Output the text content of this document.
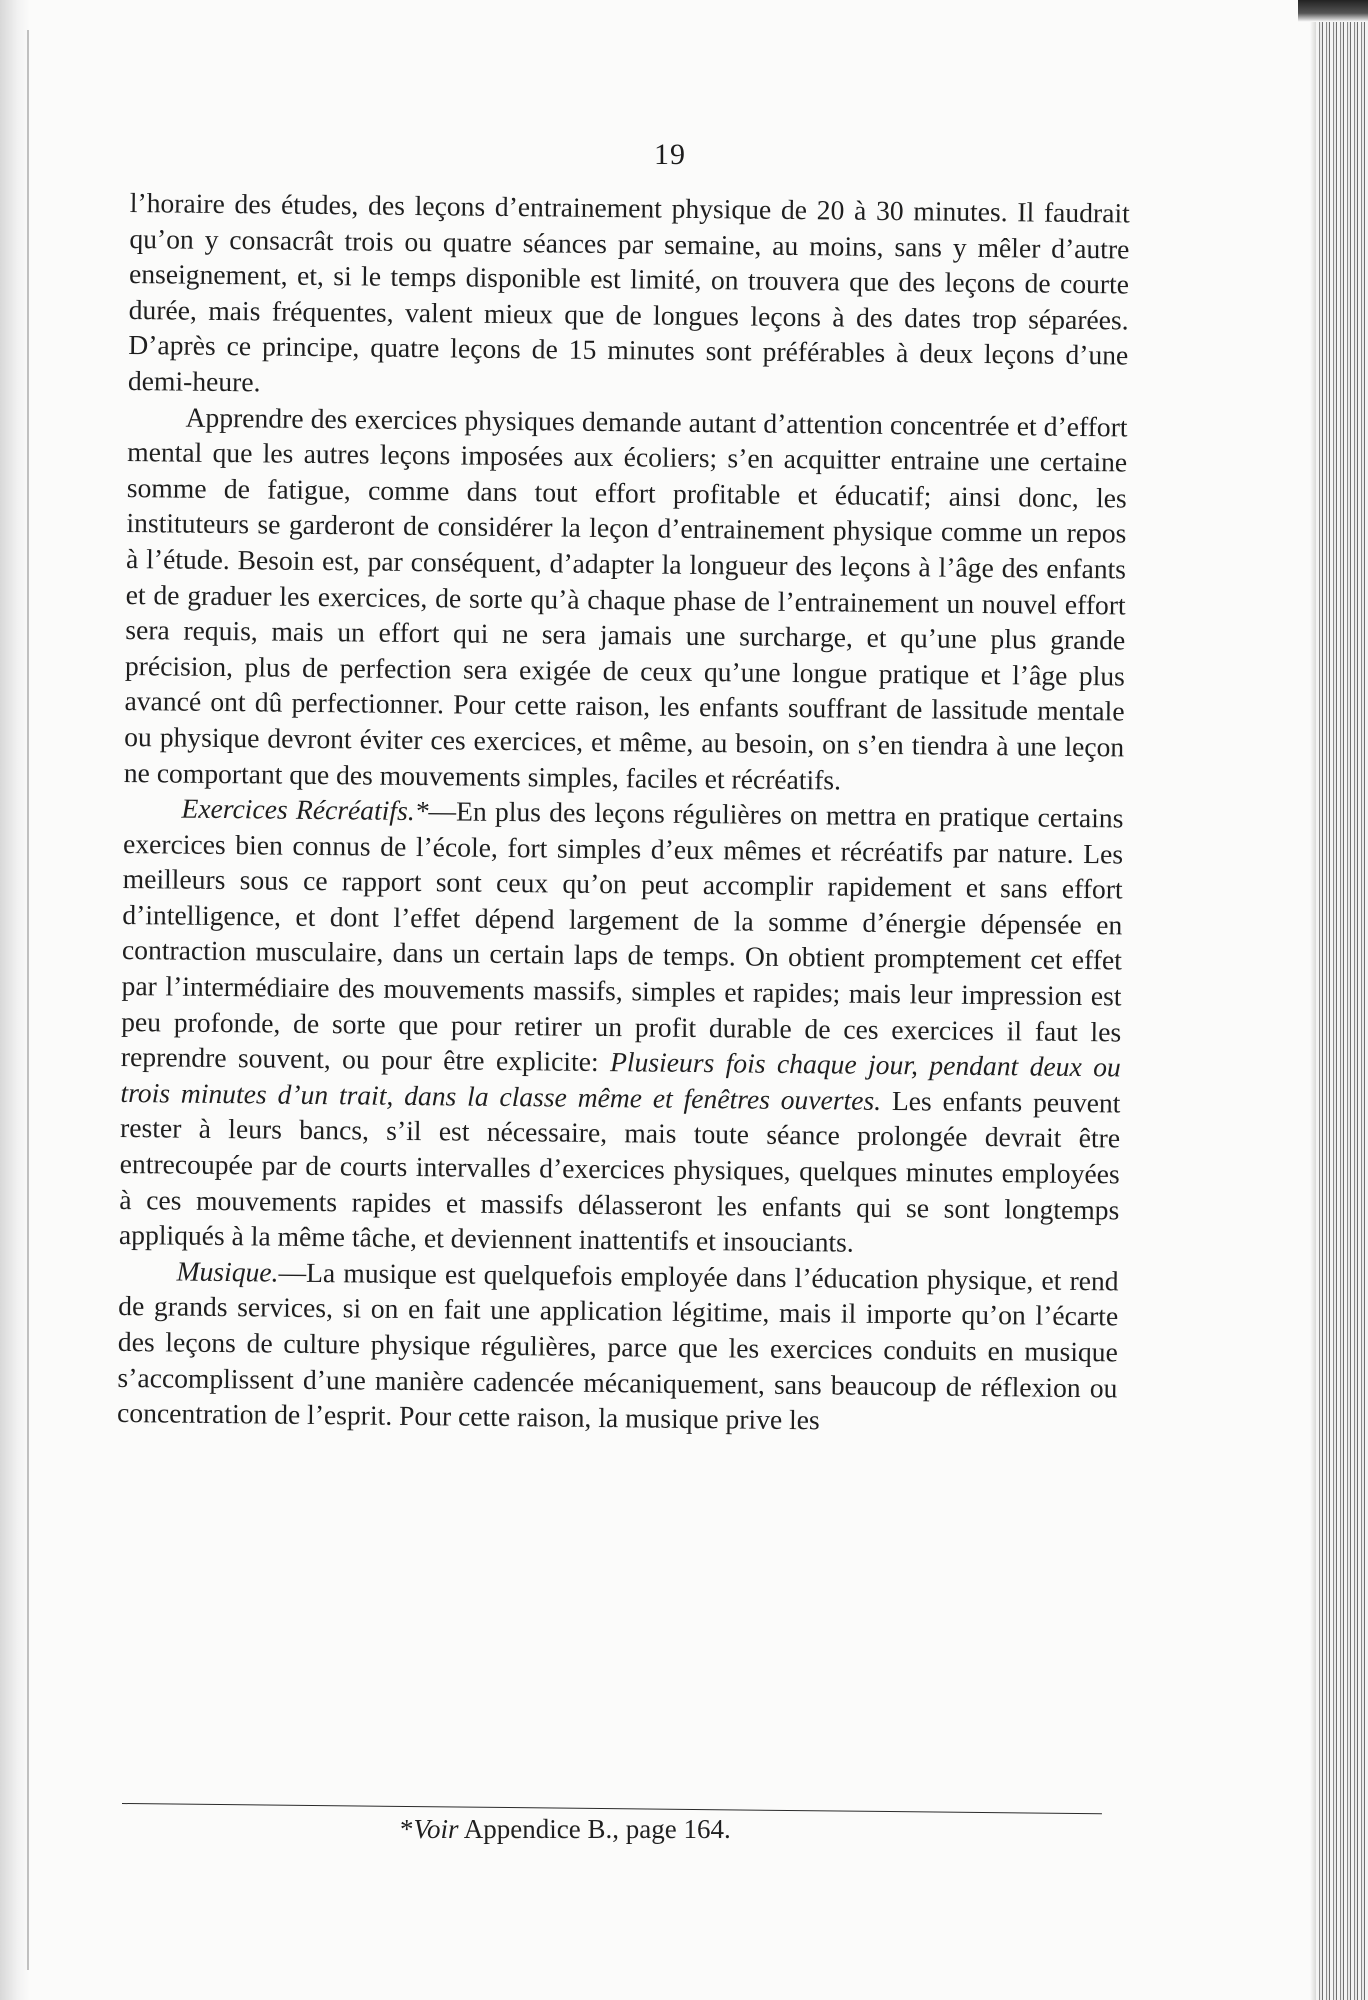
19

l’horaire des études, des leçons d’entrainement physique de 20 à 30 minutes. Il faudrait qu’on y consacrât trois ou quatre séances par semaine, au moins, sans y mêler d’autre enseignement, et, si le temps disponible est limité, on trouvera que des leçons de courte durée, mais fréquentes, valent mieux que de longues leçons à des dates trop séparées. D’après ce principe, quatre leçons de 15 minutes sont préférables à deux leçons d’une demi-heure.

Apprendre des exercices physiques demande autant d’attention concentrée et d’effort mental que les autres leçons imposées aux écoliers; s’en acquitter entraine une certaine somme de fatigue, comme dans tout effort profitable et éducatif; ainsi donc, les instituteurs se garderont de considérer la leçon d’entrainement physique comme un repos à l’étude. Besoin est, par conséquent, d’adapter la longueur des leçons à l’âge des enfants et de graduer les exercices, de sorte qu’à chaque phase de l’entrainement un nouvel effort sera requis, mais un effort qui ne sera jamais une surcharge, et qu’une plus grande précision, plus de perfection sera exigée de ceux qu’une longue pratique et l’âge plus avancé ont dû perfectionner. Pour cette raison, les enfants souffrant de lassitude mentale ou physique devront éviter ces exercices, et même, au besoin, on s’en tiendra à une leçon ne comportant que des mouvements simples, faciles et récréatifs.

Exercices Récréatifs.*—En plus des leçons régulières on mettra en pratique certains exercices bien connus de l’école, fort simples d’eux mêmes et récréatifs par nature. Les meilleurs sous ce rapport sont ceux qu’on peut accomplir rapidement et sans effort d’intelligence, et dont l’effet dépend largement de la somme d’énergie dépensée en contraction musculaire, dans un certain laps de temps. On obtient promptement cet effet par l’intermédiaire des mouvements massifs, simples et rapides; mais leur impression est peu profonde, de sorte que pour retirer un profit durable de ces exercices il faut les reprendre souvent, ou pour être explicite: Plusieurs fois chaque jour, pendant deux ou trois minutes d’un trait, dans la classe même et fenêtres ouvertes. Les enfants peuvent rester à leurs bancs, s’il est nécessaire, mais toute séance prolongée devrait être entrecoupée par de courts intervalles d’exercices physiques, quelques minutes employées à ces mouvements rapides et massifs délasseront les enfants qui se sont longtemps appliqués à la même tâche, et deviennent inattentifs et insouciants.

Musique.—La musique est quelquefois employée dans l’éducation physique, et rend de grands services, si on en fait une application légitime, mais il importe qu’on l’écarte des leçons de culture physique régulières, parce que les exercices conduits en musique s’accomplissent d’une manière cadencée mécaniquement, sans beaucoup de réflexion ou concentration de l’esprit. Pour cette raison, la musique prive les

*Voir Appendice B., page 164.
